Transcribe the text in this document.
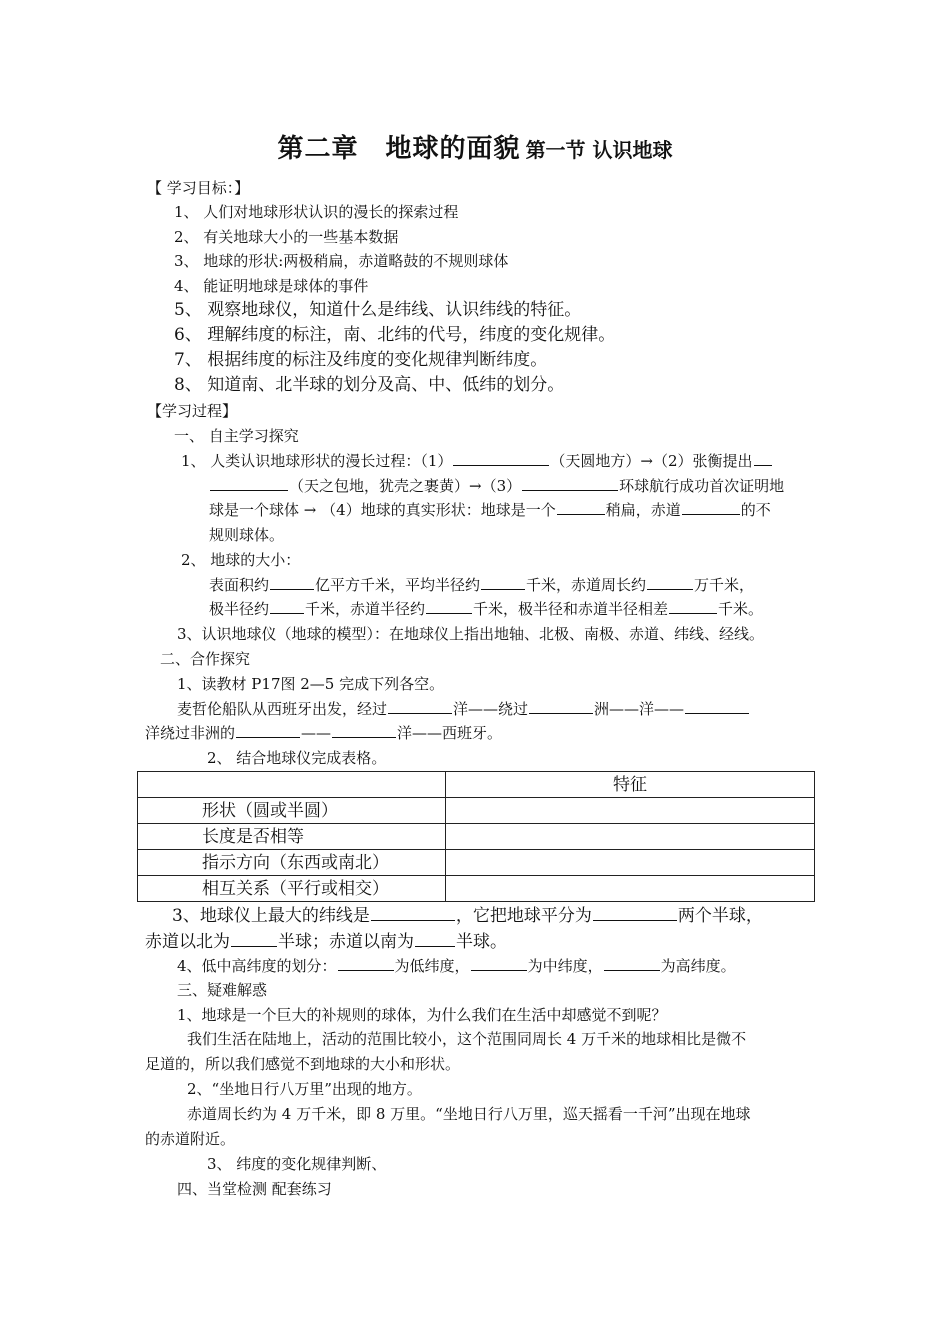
第二章　地球的面貌 第一节 认识地球
【 学习目标：】
1、 人们对地球形状认识的漫长的探索过程
2、 有关地球大小的一些基本数据
3、 地球的形状:两极稍扁，赤道略鼓的不规则球体
4、 能证明地球是球体的事件
5、 观察地球仪，知道什么是纬线、认识纬线的特征。
6、 理解纬度的标注，南、北纬的代号，纬度的变化规律。
7、 根据纬度的标注及纬度的变化规律判断纬度。
8、 知道南、北半球的划分及高、中、低纬的划分。
【学习过程】
一、 自主学习探究
1、 人类认识地球形状的漫长过程：（1）	（天圆地方）→（2）张衡提出
（天之包地，犹壳之裹黄）→（3）	环球航行成功首次证明地
球是一个球体 → （4）地球的真实形状：地球是一个	稍扁，赤道	的不
规则球体。
2、 地球的大小：
表面积约	亿平方千米，平均半径约	千米，赤道周长约	万千米，
极半径约 千米，赤道半径约	千米，极半径和赤道半径相差	千米。
3、认识地球仪（地球的模型）：在地球仪上指出地轴、北极、南极、赤道、纬线、经线。
二、合作探究
1、读教材 P17图 2—5 完成下列各空。
麦哲伦船队从西班牙出发，经过	洋——绕过	洲——洋——
洋绕过非洲的	——	洋——西班牙。
2、 结合地球仪完成表格。
	特征
形状（圆或半圆）	
长度是否相等	
指示方向（东西或南北）	
相互关系（平行或相交）	
3、地球仪上最大的纬线是	，它把地球平分为	两个半球，
赤道以北为	半球；赤道以南为 半球。
4、低中高纬度的划分：	为低纬度，	为中纬度，	为高纬度。
三、疑难解惑
1、地球是一个巨大的补规则的球体，为什么我们在生活中却感觉不到呢？
我们生活在陆地上，活动的范围比较小，这个范围同周长 4 万千米的地球相比是微不
足道的，所以我们感觉不到地球的大小和形状。
2、“坐地日行八万里”出现的地方。
赤道周长约为 4 万千米，即 8 万里。“坐地日行八万里，巡天摇看一千河”出现在地球
的赤道附近。
3、 纬度的变化规律判断、
四、当堂检测 配套练习
